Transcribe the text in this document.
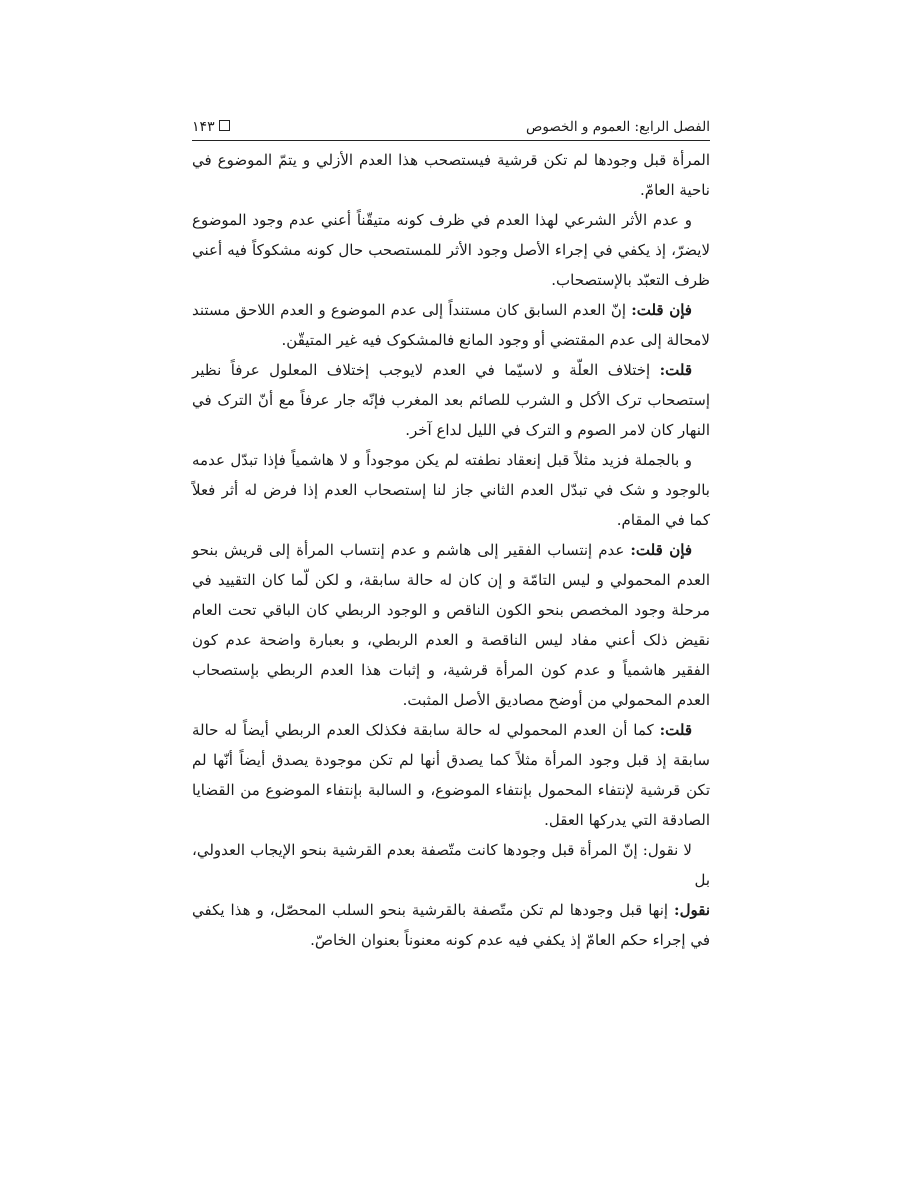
الفصل الرابع: العموم و الخصوص
١۴٣

المرأة قبل وجودها لم تکن قرشية فيستصحب هذا العدم الأزلي و يتمّ الموضوع في ناحية العامّ.

و عدم الأثر الشرعي لهذا العدم في ظرف کونه متيقّناً أعني عدم وجود الموضوع لايضرّ، إذ يکفي في إجراء الأصل وجود الأثر للمستصحب حال کونه مشکوکاً فيه أعني ظرف التعبّد بالإستصحاب.

فإن قلت: إنّ العدم السابق کان مستنداً إلی عدم الموضوع و العدم اللاحق مستند لامحالة إلی عدم المقتضي أو وجود المانع فالمشکوک فيه غير المتيقّن.

قلت: إختلاف العلّة و لاسيّما في العدم لايوجب إختلاف المعلول عرفاً نظير إستصحاب ترک الأکل و الشرب للصائم بعد المغرب فإنّه جار عرفاً مع أنّ الترک في النهار کان لامر الصوم و الترک في الليل لداع آخر.

و بالجملة فزيد مثلاً قبل إنعقاد نطفته لم يکن موجوداً و لا هاشمياً فإذا تبدّل عدمه بالوجود و شک في تبدّل العدم الثاني جاز لنا إستصحاب العدم إذا فرض له أثر فعلاً کما في المقام.

فإن قلت: عدم إنتساب الفقير إلی هاشم و عدم إنتساب المرأة إلی قريش بنحو العدم المحمولي و ليس التامّة و إن کان له حالة سابقة، و لکن لّما کان التقييد في مرحلة وجود المخصص بنحو الکون الناقص و الوجود الربطي کان الباقي تحت العام نقيض ذلک أعني مفاد ليس الناقصة و العدم الربطي، و بعبارة واضحة عدم کون الفقير هاشمياً و عدم کون المرأة قرشية، و إثبات هذا العدم الربطي بإستصحاب العدم المحمولي من أوضح مصاديق الأصل المثبت.

قلت: کما أن العدم المحمولي له حالة سابقة فکذلک العدم الربطي أيضاً له حالة سابقة إذ قبل وجود المرأة مثلاً کما يصدق أنها لم تکن موجودة يصدق أيضاً أنّها لم تکن قرشية لإنتفاء المحمول بإنتفاء الموضوع، و السالبة بإنتفاء الموضوع من القضايا الصادقة التي يدرکها العقل.

لا نقول: إنّ المرأة قبل وجودها کانت متّصفة بعدم القرشية بنحو الإيجاب العدولي، بل

نقول: إنها قبل وجودها لم تکن متّصفة بالقرشية بنحو السلب المحصّل، و هذا يکفي في إجراء حکم العامّ إذ يکفي فيه عدم کونه معنوناً بعنوان الخاصّ.
